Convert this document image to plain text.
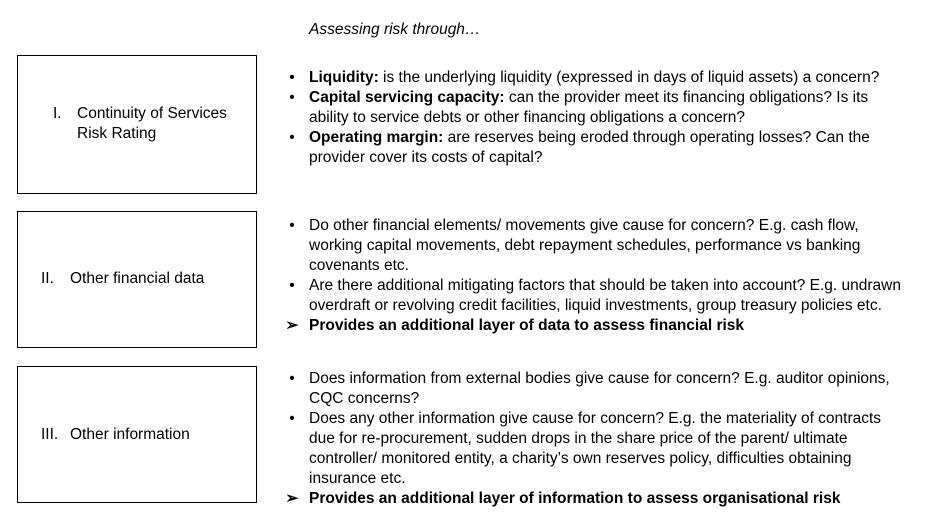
Assessing risk through…
I. Continuity of Services Risk Rating
II. Other financial data
III. Other information
• Liquidity: is the underlying liquidity (expressed in days of liquid assets) a concern?
• Capital servicing capacity: can the provider meet its financing obligations? Is its ability to service debts or other financing obligations a concern?
• Operating margin: are reserves being eroded through operating losses? Can the provider cover its costs of capital?
• Do other financial elements/ movements give cause for concern? E.g. cash flow, working capital movements, debt repayment schedules, performance vs banking covenants etc.
• Are there additional mitigating factors that should be taken into account? E.g. undrawn overdraft or revolving credit facilities, liquid investments, group treasury policies etc.
➢ Provides an additional layer of data to assess financial risk
• Does information from external bodies give cause for concern? E.g. auditor opinions, CQC concerns?
• Does any other information give cause for concern? E.g. the materiality of contracts due for re-procurement, sudden drops in the share price of the parent/ ultimate controller/ monitored entity, a charity’s own reserves policy, difficulties obtaining insurance etc.
➢ Provides an additional layer of information to assess organisational risk
